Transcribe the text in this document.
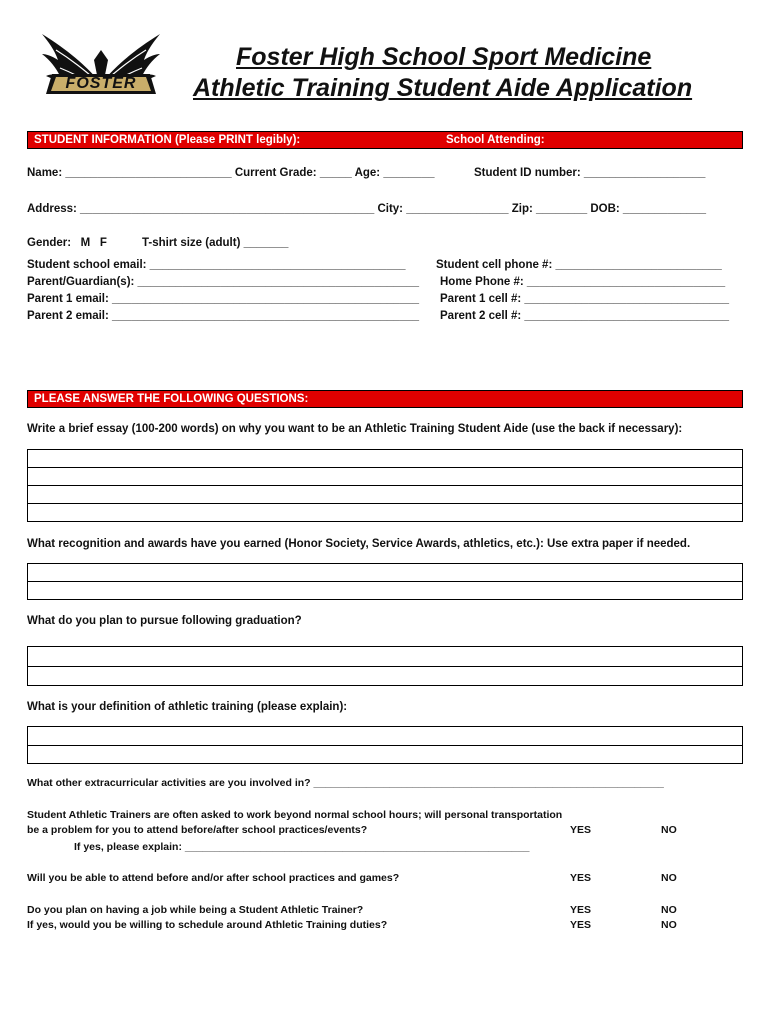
FOSTER
Foster High School Sport Medicine
Athletic Training Student Aide Application
STUDENT INFORMATION (Please PRINT legibly):	School Attending:
Name: __________________________ Current Grade: _____ Age: ________	Student ID number: ___________________
Address: ______________________________________________ City: ________________ Zip: ________ DOB: _____________
Gender:   M   F	T-shirt size (adult) _______
Student school email: ________________________________________	Student cell phone #: __________________________
Parent/Guardian(s): ____________________________________________ Home Phone #: _______________________________
Parent 1 email: ________________________________________________ Parent 1 cell #: ________________________________
Parent 2 email: ________________________________________________ Parent 2 cell #: ________________________________
PLEASE ANSWER THE FOLLOWING QUESTIONS:
Write a brief essay (100-200 words) on why you want to be an Athletic Training Student Aide (use the back if necessary):
What recognition and awards have you earned (Honor Society, Service Awards, athletics, etc.): Use extra paper if needed.
What do you plan to pursue following graduation?
What is your definition of athletic training (please explain):
What other extracurricular activities are you involved in? ____________________________________________________________
Student Athletic Trainers are often asked to work beyond normal school hours; will personal transportation
be a problem for you to attend before/after school practices/events?	YES	NO
If yes, please explain: ___________________________________________________________
Will you be able to attend before and/or after school practices and games?	YES	NO
Do you plan on having a job while being a Student Athletic Trainer?	YES	NO
If yes, would you be willing to schedule around Athletic Training duties?	YES	NO
